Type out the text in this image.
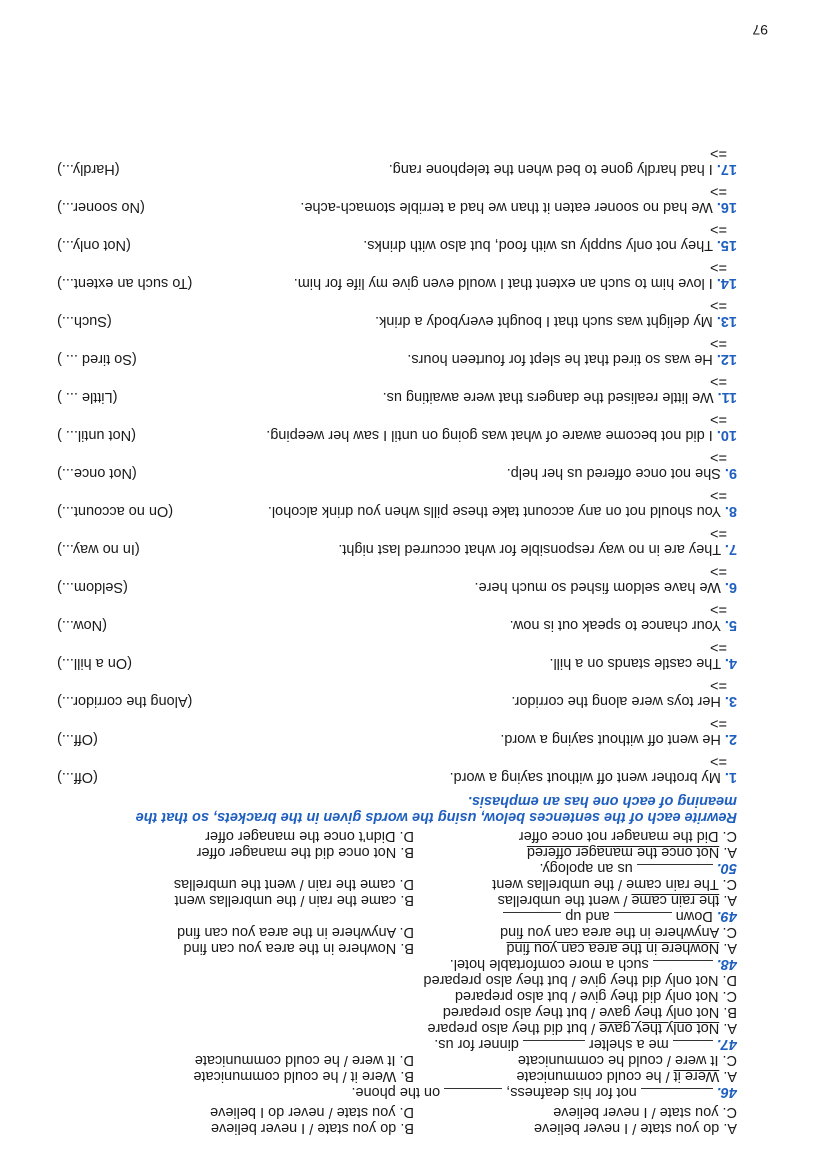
A. do you state / I never believe
B. do you state / I never believe
C. you state / I never believe
D. you state / never do I believe
46.  not for his deafness,  on the phone.
A. Were it / he could communicate
B. Were it / he could communicate
C. It were / could he communicate
D. It were / he could communicate
47.  me a shelter  dinner for us.
A. Not only they gave / but did they also prepare
B. Not only they gave / but they also prepared
C. Not only did they give / but also prepared
D. Not only did they give / but they also prepared
48.  such a more comfortable hotel.
A. Nowhere in the area can you find
B. Nowhere in the area you can find
C. Anywhere in the area can you find
D. Anywhere in the area you can find
49. Down  and up
A. the rain came / went the umbrellas
B. came the rain / the umbrellas went
C. The rain came / the umbrellas went
D. came the rain / went the umbrellas
50.  us an apology.
A. Not once the manager offered
B. Not once did the manager offer
C. Did the manager not once offer
D. Didn't once the manager offer
Rewrite each of the sentences below, using the words given in the brackets, so that the
meaning of each one has an emphasis.
1. My brother went off without saying a word.
(Off...)
=>
2. He went off without saying a word.
(Off...)
=>
3. Her toys were along the corridor.
(Along the corridor...)
=>
4. The castle stands on a hill.
(On a hill...)
=>
5. Your chance to speak out is now.
(Now...)
=>
6. We have seldom fished so much here.
(Seldom...)
=>
7. They are in no way responsible for what occurred last night.
(In no way...)
=>
8. You should not on any account take these pills when you drink alcohol.
(On no account...)
=>
9. She not once offered us her help.
(Not once...)
=>
10. I did not become aware of what was going on until I saw her weeping.
(Not until... )
=>
11. We little realised the dangers that were awaiting us.
(Little ... )
=>
12. He was so tired that he slept for fourteen hours.
(So tired ... )
=>
13. My delight was such that I bought everybody a drink.
(Such...)
=>
14. I love him to such an extent that I would even give my life for him.
(To such an extent...)
=>
15. They not only supply us with food, but also with drinks.
(Not only...)
=>
16. We had no sooner eaten it than we had a terrible stomach-ache.
(No sooner...)
=>
17. I had hardly gone to bed when the telephone rang.
(Hardly...)
=>
97
